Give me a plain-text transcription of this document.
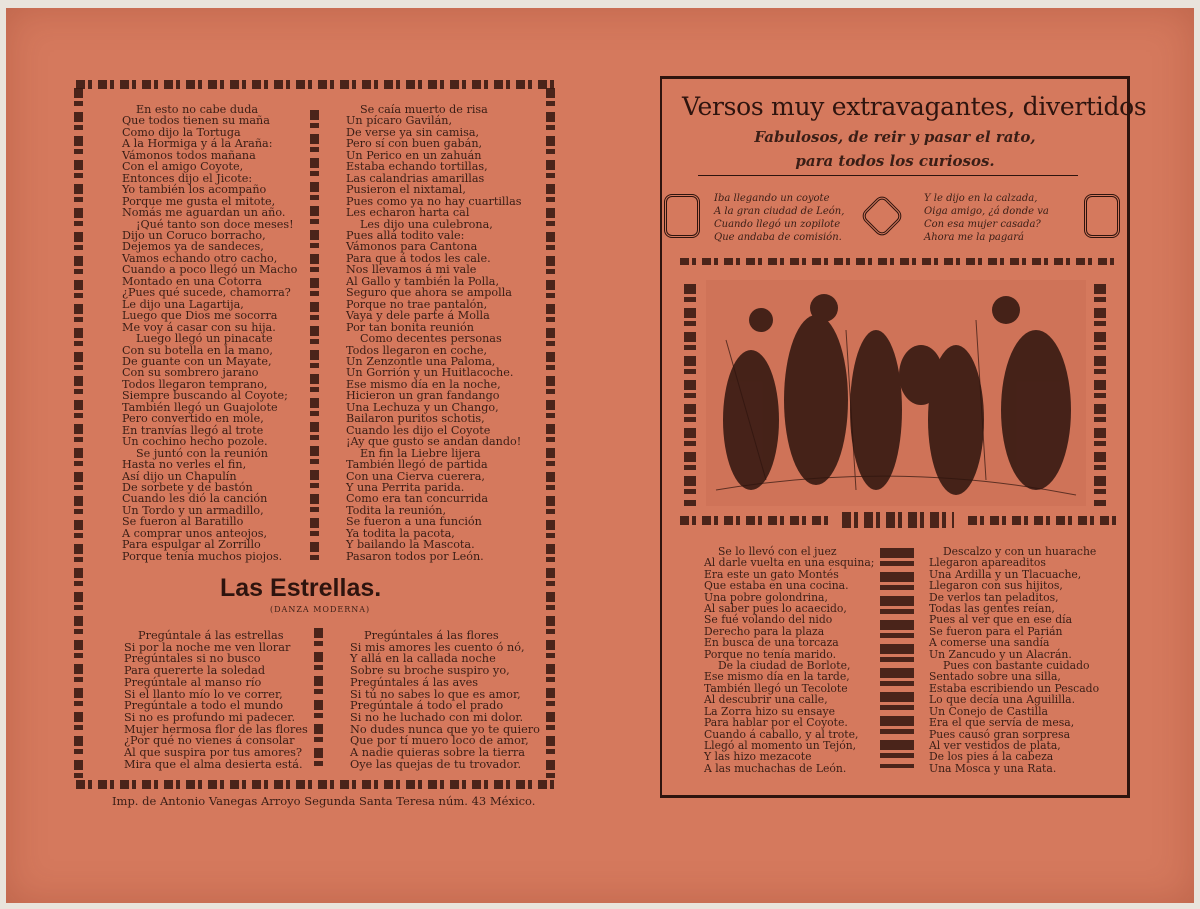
En esto no cabe duda
Que todos tienen su maña
Como dijo la Tortuga
A la Hormiga y á la Araña:
Vámonos todos mañana
Con el amigo Coyote,
Entonces dijo el Jicote:
Yo también los acompaño
Porque me gusta el mitote,
Nomás me aguardan un año.
¡Qué tanto son doce meses!
Dijo un Coruco borracho,
Dejemos ya de sandeces,
Vamos echando otro cacho,
Cuando a poco llegó un Macho
Montado en una Cotorra
¿Pues qué sucede, chamorra?
Le dijo una Lagartija,
Luego que Dios me socorra
Me voy á casar con su hija.
Luego llegó un pinacate
Con su botella en la mano,
De guante con un Mayate,
Con su sombrero jarano
Todos llegaron temprano,
Siempre buscando al Coyote;
También llegó un Guajolote
Pero convertido en mole,
En tranvías llegó al trote
Un cochino hecho pozole.
Se juntó con la reunión
Hasta no verles el fin,
Así dijo un Chapulín
De sorbete y de bastón
Cuando les dió la canción
Un Tordo y un armadillo,
Se fueron al Baratillo
A comprar unos anteojos,
Para espulgar al Zorrillo
Porque tenía muchos piojos.
Se caía muerto de risa
Un pícaro Gavilán,
De verse ya sin camisa,
Pero sí con buen gabán,
Un Perico en un zahuán
Estaba echando tortillas,
Las calandrias amarillas
Pusieron el nixtamal,
Pues como ya no hay cuartillas
Les echaron harta cal
Les dijo una culebrona,
Pues allá todito vale:
Vámonos para Cantona
Para que á todos les cale.
Nos llevamos á mi vale
Al Gallo y también la Polla,
Seguro que ahora se ampolla
Porque no trae pantalón,
Vaya y dele parte á Molla
Por tan bonita reunión
Como decentes personas
Todos llegaron en coche,
Un Zenzontle una Paloma,
Un Gorrión y un Huitlacoche.
Ese mismo día en la noche,
Hicieron un gran fandango
Una Lechuza y un Chango,
Bailaron puritos schotis,
Cuando les dijo el Coyote
¡Ay que gusto se andan dando!
En fin la Liebre lijera
También llegó de partida
Con una Cierva cuerera,
Y una Perrita parida.
Como era tan concurrida
Todita la reunión,
Se fueron a una función
Ya todita la pacota,
Y bailando la Mascota.
Pasaron todos por León.
Las Estrellas.
(DANZA MODERNA)
Pregúntale á las estrellas
Si por la noche me ven llorar
Pregúntales si no busco
Para quererte la soledad
Pregúntale al manso río
Si el llanto mío lo ve correr,
Pregúntale a todo el mundo
Si no es profundo mi padecer.
Mujer hermosa flor de las flores
¿Por qué no vienes á consolar
Al que suspira por tus amores?
Mira que el alma desierta está.
Pregúntales á las flores
Si mis amores les cuento ó nó,
Y allá en la callada noche
Sobre su broche suspiro yo,
Pregúntales á las aves
Si tú no sabes lo que es amor,
Pregúntale á todo el prado
Si no he luchado con mi dolor.
No dudes nunca que yo te quiero
Que por tí muero loco de amor,
A nadie quieras sobre la tierra
Oye las quejas de tu trovador.
Imp. de Antonio Vanegas Arroyo Segunda Santa Teresa núm. 43 México.
Versos muy extravagantes, divertidos
Fabulosos, de reir y pasar el rato,
para todos los curiosos.
Iba llegando un coyote
A la gran ciudad de León,
Cuando llegó un zopilote
Que andaba de comisión.
Y le dijo en la calzada,
Oiga amigo, ¿á donde va
Con esa mujer casada?
Ahora me la pagará
Se lo llevó con el juez
Al darle vuelta en una esquina;
Era este un gato Montés
Que estaba en una cocina.
Una pobre golondrina,
Al saber pues lo acaecido,
Se fué volando del nido
Derecho para la plaza
En busca de una torcaza
Porque no tenía marido.
De la ciudad de Borlote,
Ese mismo día en la tarde,
También llegó un Tecolote
Al descubrir una calle,
La Zorra hizo su ensaye
Para hablar por el Coyote.
Cuando á caballo, y al trote,
Llegó al momento un Tejón,
Y las hizo mezacote
A las muchachas de León.
Descalzo y con un huarache
Llegaron apareaditos
Una Ardilla y un Tlacuache,
Llegaron con sus hijitos,
De verlos tan peladitos,
Todas las gentes reían,
Pues al ver que en ese día
Se fueron para el Parián
A comerse una sandía
Un Zancudo y un Alacrán.
Pues con bastante cuidado
Sentado sobre una silla,
Estaba escribiendo un Pescado
Lo que decía una Aguililla.
Un Conejo de Castilla
Era el que servía de mesa,
Pues causó gran sorpresa
Al ver vestidos de plata,
De los pies á la cabeza
Una Mosca y una Rata.
